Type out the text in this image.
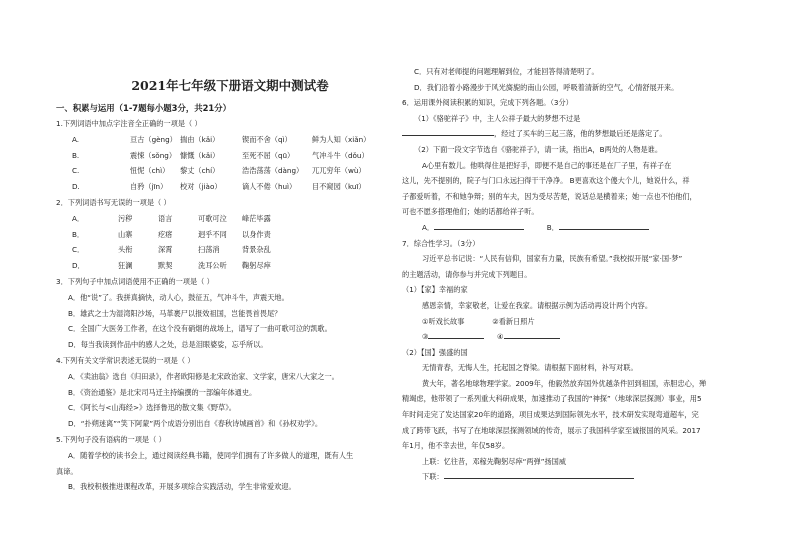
2021年七年级下册语文期中测试卷
一、积累与运用（1-7题每小题3分，共21分）
1.下列词语中加点字注音全正确的一项是（ ）
A.	亘古（gèng） 揣由（kǎi）	锲而不舍（qì）	鲜为人知（xiǎn）
B.	震悚（sǒng） 慷慨（kǎi）	至死不屈（qū）	气冲斗牛（dǒu）
C.	忸怩（chì）	黎丈（chí）	浩浩荡荡（dàng）	兀兀穷年（wù）
D.	自矜（jīn）	校对（jiào）	谪人不倦（huì）	目不窥园（kuī）
2．下列词语书写无误的一项是（ ）
A．	污秽	语言	可歌可泣	峰茫毕露
B．	山寨	疙瘩	迥乎不同	以身作责
C．	头衔	深霄	扫荡消	背景杂乱
D．	狂澜	默契	洗耳公听	鞠躬尽瘁
3．下列句子中加点词语使用不正确的一项是（ ）
A．他“说”了。我拼真摘快，动人心，鼓征五，气冲斗牛，声震天地。
B．雄武之士为湿湾阳沙场，马革裹尸以报效祖国，岂能畏首畏尾？
C．全国广大医务工作者，在这个没有硝烟的战场上，谱写了一曲可歌可泣的凯歌。
D．每当我读到作品中的感人之处，总是泪眼婆娑，忘乎所以。
4.下列有关文学常识表述无误的一项是（ ）
A．《卖油翁》选自《归田录》，作者欧阳修是北宋政治家、文学家，唐宋八大家之一。
B．《资治通鉴》是北宋司马迁主持编撰的一部编年体通史。
C．《阿长与<山海经>》选择鲁迅的散文集《野草》。
D．“扑朔迷离”“笑下阿蒙”两个成语分别出自《春秋诗城画首》和《孙权劝学》。
5.下列句子没有语病的一项是（ ）
A．随着学校的读书会上，通过阅读经典书籍，使同学们拥有了许多做人的道理，既有人生
真谛。
B．我校积极推进课程改革，开展多项综合实践活动，学生非常爱欢迎。
C．只有对老师提的问题理解到位，才能回答得清楚明了。
D．我们沿着小路漫步于风光旖旎的南山公园，呼吸着清新的空气，心情舒展开来。
6．运用课外阅读积累的知识，完成下列各题。（3分）
（1）《骆驼祥子》中，主人公祥子最大的梦想不过是
，经过了买车的三起三落，他的梦想最后还是落定了。
（2）下面一段文字节选自《骆驼祥子》，请一读，指出A，B两处的人物是谁。
A心里有数儿。他哄得住是把好手，即便不是自己的事还是在厂子里，有祥子在
这儿，先不提别的，院子与门口永远扫得干干净净。 B更喜欢这个傻大个儿，她说什么，祥
子都爱听着，不和她争辩；别的车夫，因为受尽苦楚，说话总是横着来；她一点也不怕他们，
可也不愿多搭理他们；她的话都给祥子听。
A．	B．
7．综合性学习。（3分）
习近平总书记说：“人民有信仰，国家有力量，民族有希望。”我校拟开展“家·国·梦”
的主题活动，请你参与并完成下列题目。
（1）【家】幸福的家
感恩亲情，幸家敬老，让爱在我家。请根据示例为活动再设计两个内容。
①听戏长故事	②看新日照片
③	④
（2）【国】强盛的国
无情青春，无悔人生，托起国之脊梁。请根据下面材料，补写对联。
黄大年，著名地球物理学家。2009年，他毅然放弃国外优越条件回到祖国，赤胆忠心，殚
精竭虑，他带领了一系列重大科研成果，加速推动了我国的“神探”（地球深层探测）事业，用5
年时间走完了发达国家20年的道路，项目成果达到国际领先水平，技术研发实现弯道超车，完
成了跨带飞跃，书写了在地球深层探测领域的传奇，展示了我国科学家至诚报国的风采。2017
年1月，他不幸去世，年仅58岁。
上联：忆往昔，邓稼先鞠躬尽瘁“两弹”扬国威
下联：
